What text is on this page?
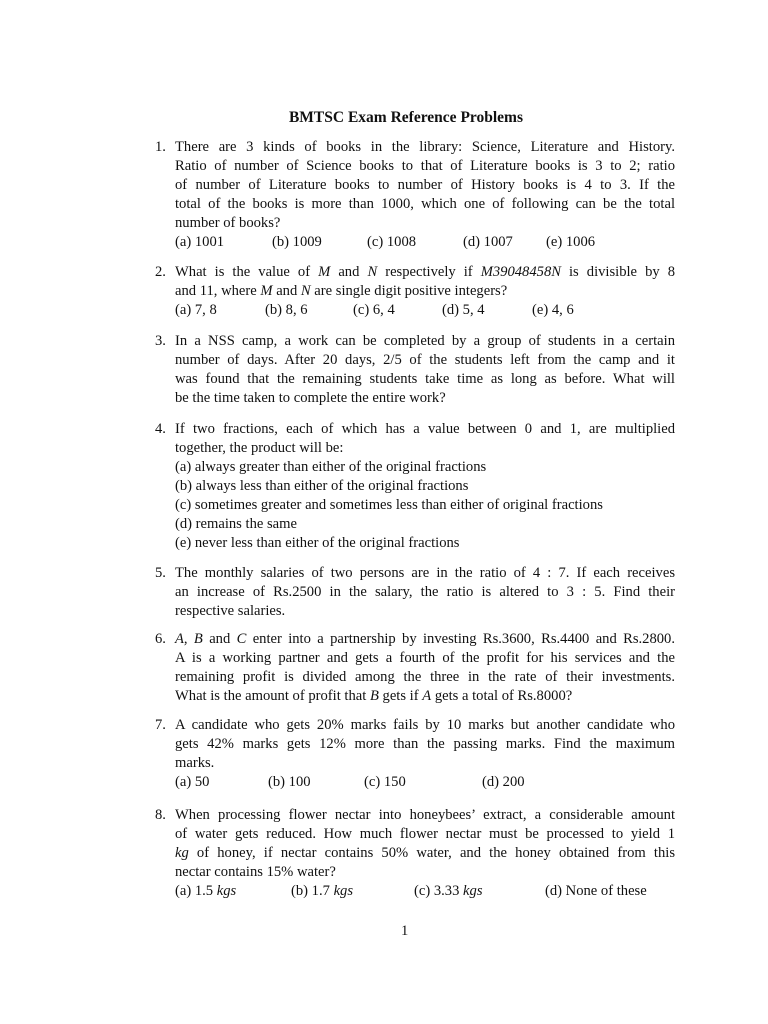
BMTSC Exam Reference Problems
1. There are 3 kinds of books in the library: Science, Literature and History.
Ratio of number of Science books to that of Literature books is 3 to 2; ratio
of number of Literature books to number of History books is 4 to 3. If the
total of the books is more than 1000, which one of following can be the total
number of books?
(a) 1001	(b) 1009	(c) 1008	(d) 1007 (e) 1006
2. What is the value of M and N respectively if M39048458N is divisible by 8
and 11, where M and N are single digit positive integers?
(a) 7, 8	(b) 8, 6	(c) 6, 4	(d) 5, 4	(e) 4, 6
3. In a NSS camp, a work can be completed by a group of students in a certain
number of days. After 20 days, 2/5 of the students left from the camp and it
was found that the remaining students take time as long as before. What will
be the time taken to complete the entire work?
4. If two fractions, each of which has a value between 0 and 1, are multiplied
together, the product will be:
(a) always greater than either of the original fractions
(b) always less than either of the original fractions
(c) sometimes greater and sometimes less than either of original fractions
(d) remains the same
(e) never less than either of the original fractions
5. The monthly salaries of two persons are in the ratio of 4 : 7. If each receives
an increase of Rs.2500 in the salary, the ratio is altered to 3 : 5. Find their
respective salaries.
6. A, B and C enter into a partnership by investing Rs.3600, Rs.4400 and Rs.2800.
A is a working partner and gets a fourth of the profit for his services and the
remaining profit is divided among the three in the rate of their investments.
What is the amount of profit that B gets if A gets a total of Rs.8000?
7. A candidate who gets 20% marks fails by 10 marks but another candidate who
gets 42% marks gets 12% more than the passing marks. Find the maximum
marks.
(a) 50	(b) 100	(c) 150	(d) 200
8. When processing flower nectar into honeybees’ extract, a considerable amount
of water gets reduced. How much flower nectar must be processed to yield 1
kg of honey, if nectar contains 50% water, and the honey obtained from this
nectar contains 15% water?
(a) 1.5 kgs	(b) 1.7 kgs	(c) 3.33 kgs	(d) None of these
1
